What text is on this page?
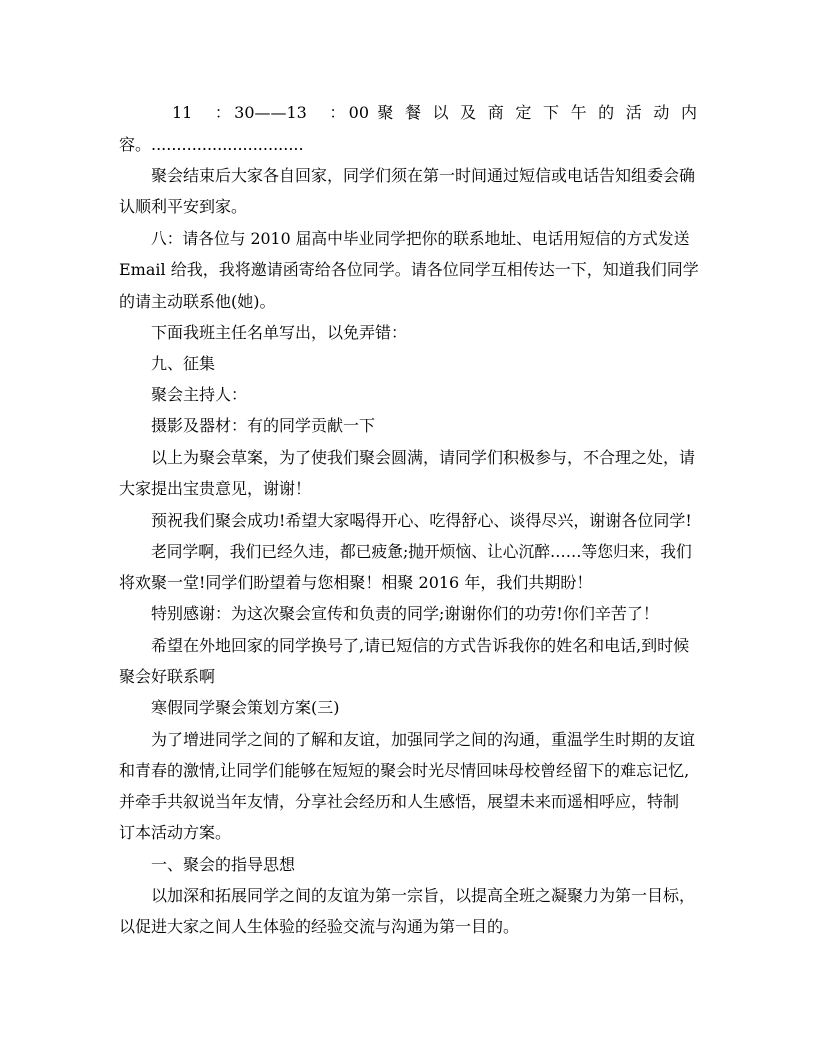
11　：30——13　：00 聚 餐 以 及 商 定 下 午 的 活 动 内
容。..............................
聚会结束后大家各自回家，同学们须在第一时间通过短信或电话告知组委会确
认顺利平安到家。
八：请各位与 2010 届高中毕业同学把你的联系地址、电话用短信的方式发送
Email 给我，我将邀请函寄给各位同学。请各位同学互相传达一下，知道我们同学
的请主动联系他(她)。
下面我班主任名单写出，以免弄错：
九、征集
聚会主持人：
摄影及器材：有的同学贡献一下
以上为聚会草案，为了使我们聚会圆满，请同学们积极参与，不合理之处，请
大家提出宝贵意见，谢谢！
预祝我们聚会成功!希望大家喝得开心、吃得舒心、谈得尽兴，谢谢各位同学!
老同学啊，我们已经久违，都已疲惫;抛开烦恼、让心沉醉……等您归来，我们
将欢聚一堂!同学们盼望着与您相聚！相聚 2016 年，我们共期盼！
特别感谢：为这次聚会宣传和负责的同学;谢谢你们的功劳!你们辛苦了！
希望在外地回家的同学换号了,请已短信的方式告诉我你的姓名和电话,到时候
聚会好联系啊
寒假同学聚会策划方案(三)
为了增进同学之间的了解和友谊，加强同学之间的沟通，重温学生时期的友谊
和青春的激情,让同学们能够在短短的聚会时光尽情回味母校曾经留下的难忘记忆,
并牵手共叙说当年友情，分享社会经历和人生感悟，展望未来而遥相呼应，特制
订本活动方案。
一、聚会的指导思想
以加深和拓展同学之间的友谊为第一宗旨，以提高全班之凝聚力为第一目标，
以促进大家之间人生体验的经验交流与沟通为第一目的。
